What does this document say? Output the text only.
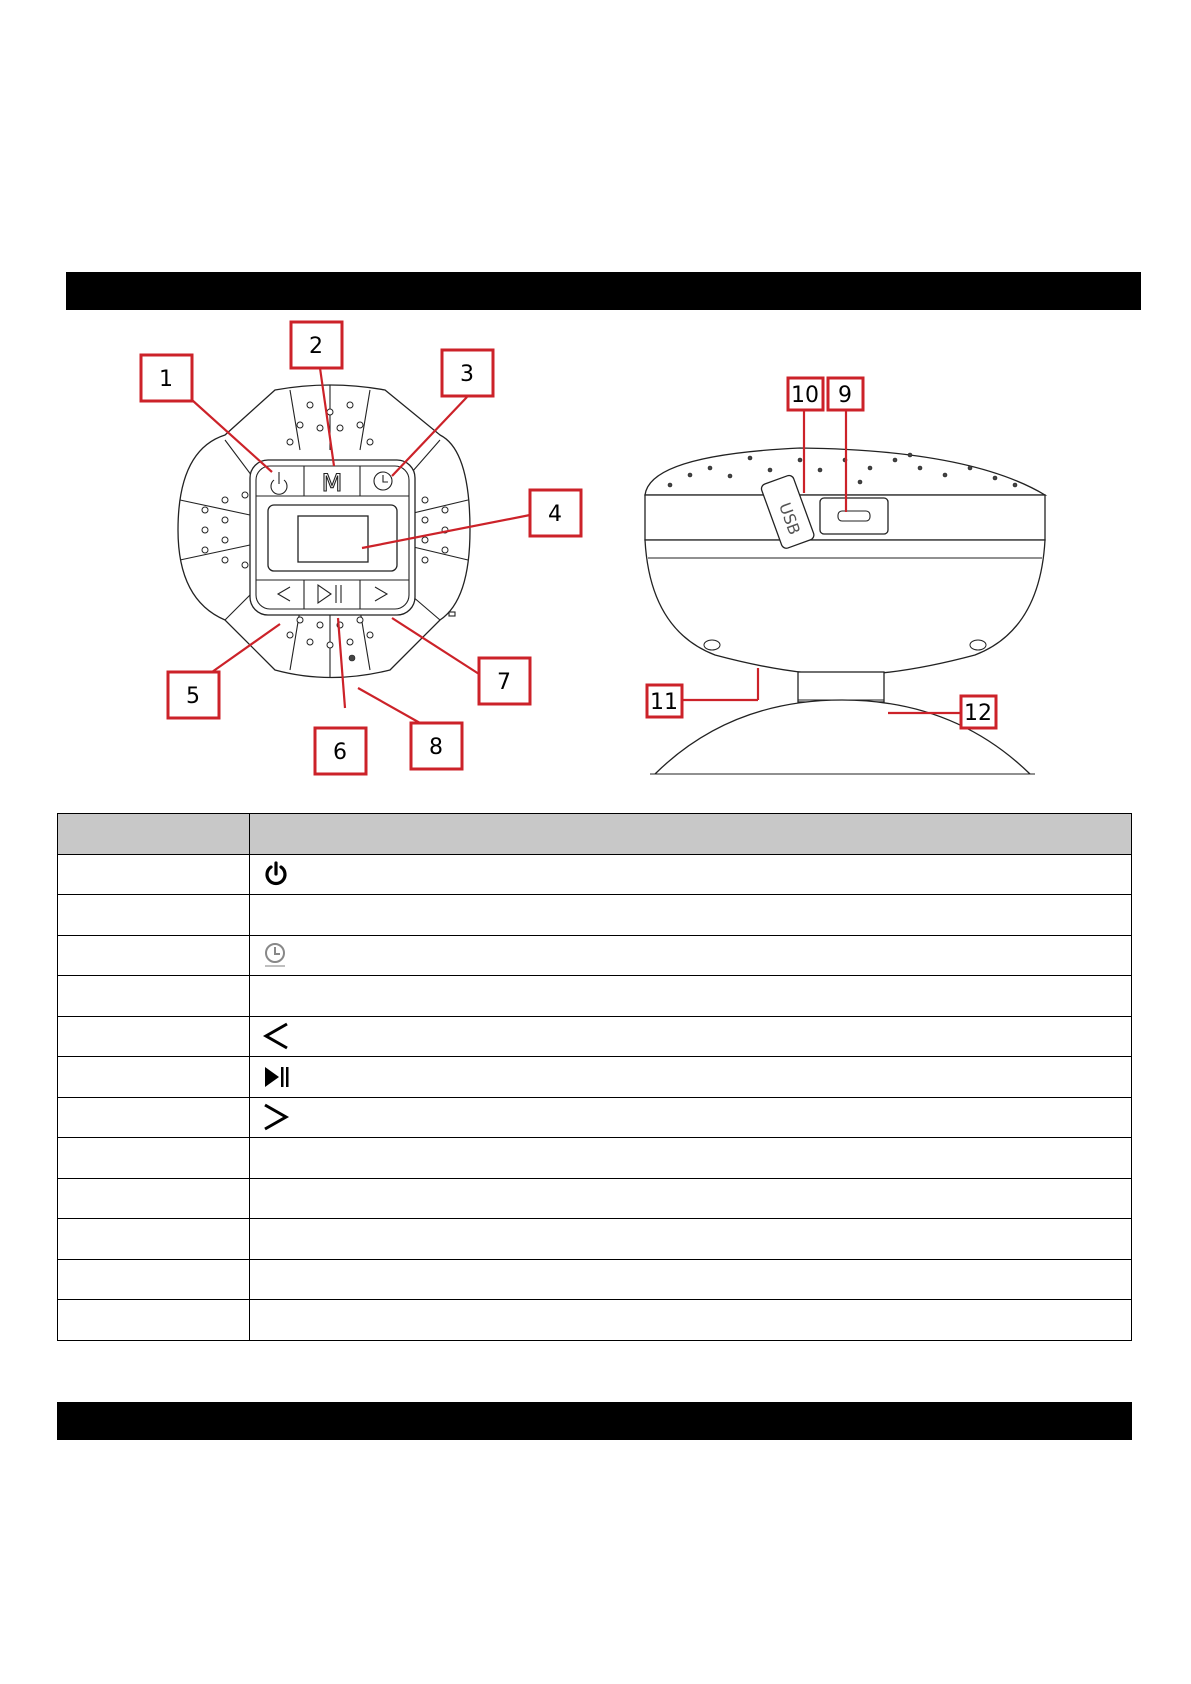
M
1
2
3
4
5
6
7
8
USB
10 9
11	12
